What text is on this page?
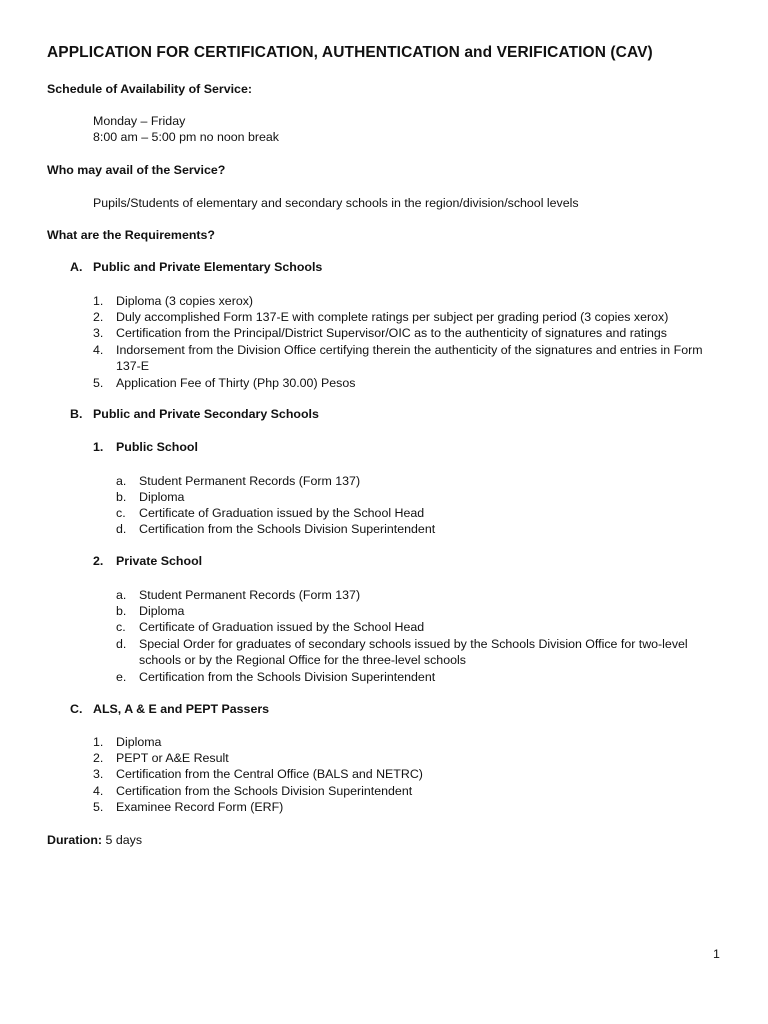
APPLICATION FOR CERTIFICATION, AUTHENTICATION and VERIFICATION (CAV)
Schedule of Availability of Service:
Monday – Friday
8:00 am – 5:00 pm no noon break
Who may avail of the Service?
Pupils/Students of elementary and secondary schools in the region/division/school levels
What are the Requirements?
A. Public and Private Elementary Schools
1. Diploma (3 copies xerox)
2. Duly accomplished Form 137-E with complete ratings per subject per grading period (3 copies xerox)
3. Certification from the Principal/District Supervisor/OIC as to the authenticity of signatures and ratings
4. Indorsement from the Division Office certifying therein the authenticity of the signatures and entries in Form 137-E
5. Application Fee of Thirty (Php 30.00) Pesos
B. Public and Private Secondary Schools
1. Public School
a. Student Permanent Records (Form 137)
b. Diploma
c. Certificate of Graduation issued by the School Head
d. Certification from the Schools Division Superintendent
2. Private School
a. Student Permanent Records (Form 137)
b. Diploma
c. Certificate of Graduation issued by the School Head
d. Special Order for graduates of secondary schools issued by the Schools Division Office for two-level schools or by the Regional Office for the three-level schools
e. Certification from the Schools Division Superintendent
C. ALS, A & E and PEPT Passers
1. Diploma
2. PEPT or A&E Result
3. Certification from the Central Office (BALS and NETRC)
4. Certification from the Schools Division Superintendent
5. Examinee Record Form (ERF)
Duration: 5 days
1
